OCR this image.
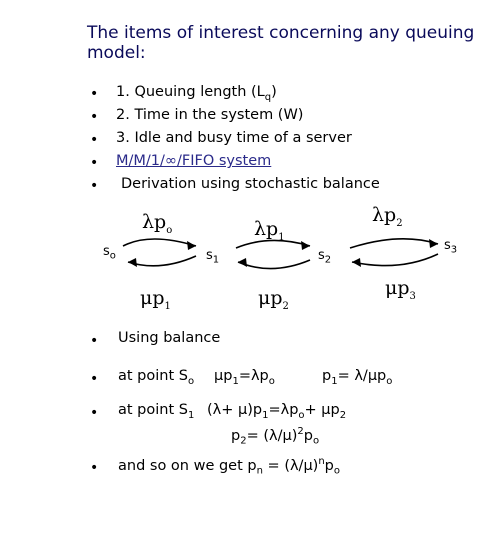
The items of interest concerning any queuing
model:
• 1. Queuing length $(L_q)$
• 2. Time in the system (W)
• 3. Idle and busy time of a server
• M/M/1/∞/FIFO system
• Derivation using stochastic balance
$s_o$	$s_1$	$s_2$
$s_3$
$\lambda p_o$	$\lambda p_1$
$\lambda p_2$
$\mu p_1$	$\mu p_2$
$\mu p_3$
• Using balance
• at point $S_o$ $\mu p_1=\lambda p_o$	$p_1= \lambda/\mu p_o$
• at point $S_1$ $(\lambda+ \mu)p_1=\lambda p_o+ \mu p_2$
$p_2= (\lambda/\mu)^2p_o$
• and so on we get $p_n = (\lambda/\mu)^np_o$
